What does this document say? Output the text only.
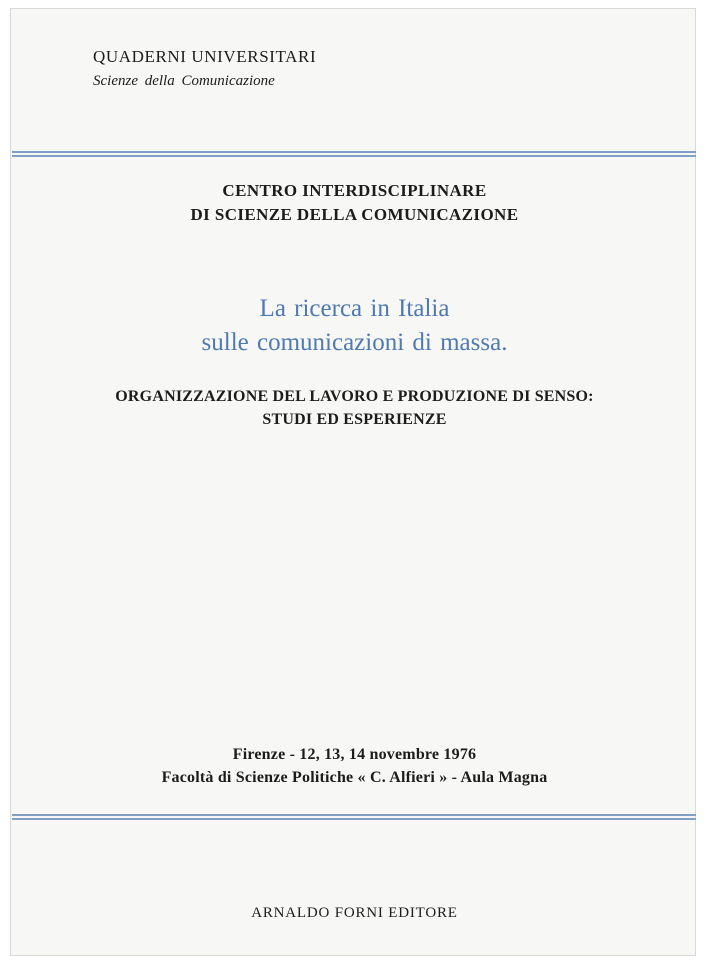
QUADERNI UNIVERSITARI
Scienze della Comunicazione
CENTRO INTERDISCIPLINARE
DI SCIENZE DELLA COMUNICAZIONE
La ricerca in Italia
sulle comunicazioni di massa.
ORGANIZZAZIONE DEL LAVORO E PRODUZIONE DI SENSO:
STUDI ED ESPERIENZE
Firenze - 12, 13, 14 novembre 1976
Facoltà di Scienze Politiche « C. Alfieri » - Aula Magna
ARNALDO FORNI EDITORE
